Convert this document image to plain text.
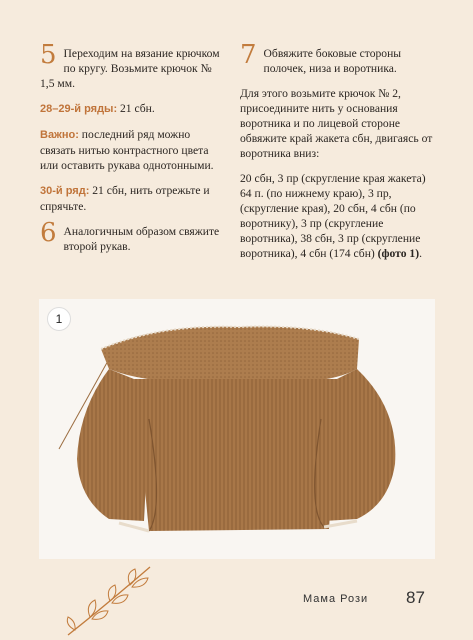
5 Переходим на вязание крючком по кругу. Возьмите крючок № 1,5 мм.

28–29-й ряды: 21 сбн.

Важно: последний ряд можно связать нитью контрастного цвета или оставить рукава однотонными.

30-й ряд: 21 сбн, нить отрежьте и спрячьте.

6 Аналогичным образом свяжите второй рукав.

7 Обвяжите боковые стороны полочек, низа и воротника.

Для этого возьмите крючок № 2, присоедините нить у основания воротника и по лицевой стороне обвяжите край жакета сбн, двигаясь от воротника вниз:

20 сбн, 3 пр (скругление края жакета) 64 п. (по нижнему краю), 3 пр, (скругление края), 20 сбн, 4 сбн (по воротнику), 3 пр (скругление воротника), 38 сбн, 3 пр (скругление воротника), 4 сбн (174 сбн) (фото 1).

1
Мама Рози 87
